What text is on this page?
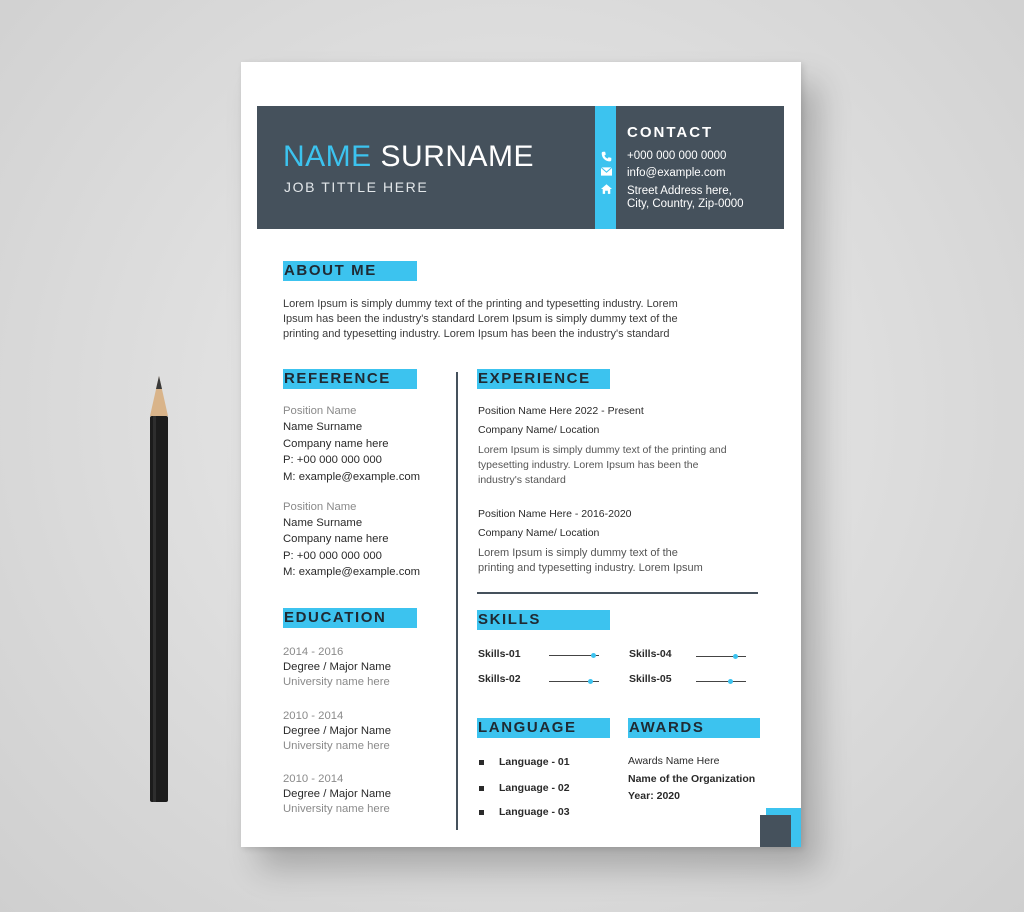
NAME SURNAME
JOB TITTLE HERE
CONTACT
+000 000 000 0000
info@example.com
Street Address here,
City, Country, Zip-0000
ABOUT ME
Lorem Ipsum is simply dummy text of the printing and typesetting industry. Lorem
Ipsum has been the industry's standard Lorem Ipsum is simply dummy text of the
printing and typesetting industry. Lorem Ipsum has been the industry's standard
REFERENCE
Position Name
Name Surname
Company name here
P: +00 000 000 000
M: example@example.com
Position Name
Name Surname
Company name here
P: +00 000 000 000
M: example@example.com
EDUCATION
2014 - 2016
Degree / Major Name
University name here
2010 - 2014
Degree / Major Name
University name here
2010 - 2014
Degree / Major Name
University name here
EXPERIENCE
Position Name Here 2022 - Present
Company Name/ Location
Lorem Ipsum is simply dummy text of the printing and
typesetting industry. Lorem Ipsum has been the
industry's standard
Position Name Here - 2016-2020
Company Name/ Location
Lorem Ipsum is simply dummy text of the
printing and typesetting industry. Lorem Ipsum
SKILLS
Skills-01
Skills-02
Skills-04
Skills-05
LANGUAGE
Language - 01
Language - 02
Language - 03
AWARDS
Awards Name Here
Name of the Organization
Year: 2020
